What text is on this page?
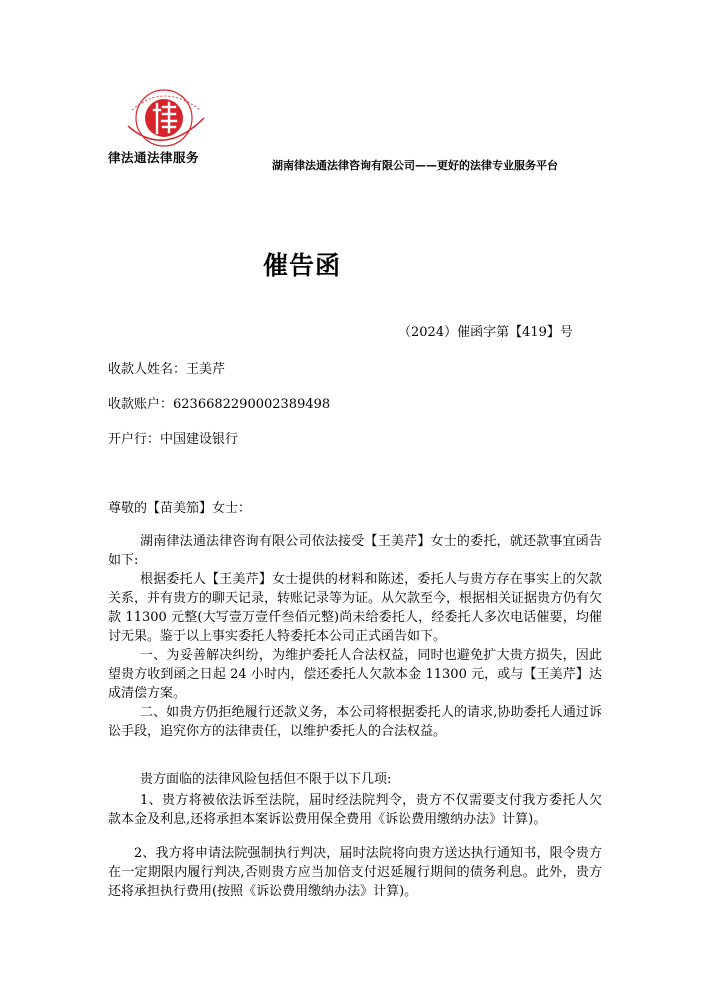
律法通法律服务
湖南律法通法律咨询有限公司——更好的法律专业服务平台
催告函
（2024）催函字第【419】号
收款人姓名：王美芹
收款账户：6236682290002389498
开户行：中国建设银行
尊敬的【苗美笳】女士：
湖南律法通法律咨询有限公司依法接受【王美芹】女士的委托，就还款事宜函告如下:
根据委托人【王美芹】女士提供的材料和陈述，委托人与贵方存在事实上的欠款关系，并有贵方的聊天记录，转账记录等为证。从欠款至今，根据相关证据贵方仍有欠款 11300 元整(大写壹万壹仟叁佰元整)尚未给委托人，经委托人多次电话催要，均催讨无果。鉴于以上事实委托人特委托本公司正式函告如下。
一、为妥善解决纠纷，为维护委托人合法权益，同时也避免扩大贵方损失，因此望贵方收到函之日起 24 小时内，偿还委托人欠款本金 11300 元，或与【王美芹】达成清偿方案。
二、如贵方仍拒绝履行还款义务，本公司将根据委托人的请求,协助委托人通过诉讼手段，追究你方的法律责任，以维护委托人的合法权益。
贵方面临的法律风险包括但不限于以下几项:
1、贵方将被依法诉至法院，届时经法院判令，贵方不仅需要支付我方委托人欠款本金及利息,还将承担本案诉讼费用保全费用《诉讼费用缴纳办法》计算)。
2、我方将申请法院强制执行判决，届时法院将向贵方送达执行通知书，限令贵方在一定期限内履行判决,否则贵方应当加倍支付迟延履行期间的债务利息。此外，贵方还将承担执行费用(按照《诉讼费用缴纳办法》计算)。
